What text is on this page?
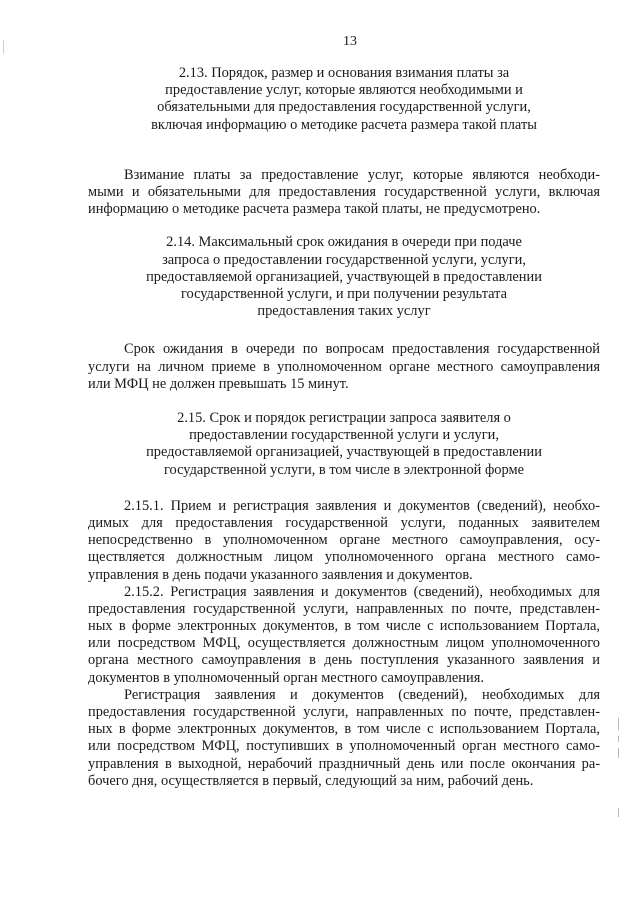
13
2.13. Порядок, размер и основания взимания платы за
предоставление услуг, которые являются необходимыми и
обязательными для предоставления государственной услуги,
включая информацию о методике расчета размера такой платы
Взимание платы за предоставление услуг, которые являются необходи-
мыми и обязательными для предоставления государственной услуги, включая
информацию о методике расчета размера такой платы, не предусмотрено.
2.14. Максимальный срок ожидания в очереди при подаче
запроса о предоставлении государственной услуги, услуги,
предоставляемой организацией, участвующей в предоставлении
государственной услуги, и при получении результата
предоставления таких услуг
Срок ожидания в очереди по вопросам предоставления государственной
услуги на личном приеме в уполномоченном органе местного самоуправления
или МФЦ не должен превышать 15 минут.
2.15. Срок и порядок регистрации запроса заявителя о
предоставлении государственной услуги и услуги,
предоставляемой организацией, участвующей в предоставлении
государственной услуги, в том числе в электронной форме
2.15.1. Прием и регистрация заявления и документов (сведений), необхо-
димых для предоставления государственной услуги, поданных заявителем
непосредственно в уполномоченном органе местного самоуправления, осу-
ществляется должностным лицом уполномоченного органа местного само-
управления в день подачи указанного заявления и документов.
2.15.2. Регистрация заявления и документов (сведений), необходимых для
предоставления государственной услуги, направленных по почте, представлен-
ных в форме электронных документов, в том числе с использованием Портала,
или посредством МФЦ, осуществляется должностным лицом уполномоченного
органа местного самоуправления в день поступления указанного заявления и
документов в уполномоченный орган местного самоуправления.
Регистрация заявления и документов (сведений), необходимых для
предоставления государственной услуги, направленных по почте, представлен-
ных в форме электронных документов, в том числе с использованием Портала,
или посредством МФЦ, поступивших в уполномоченный орган местного само-
управления в выходной, нерабочий праздничный день или после окончания ра-
бочего дня, осуществляется в первый, следующий за ним, рабочий день.
